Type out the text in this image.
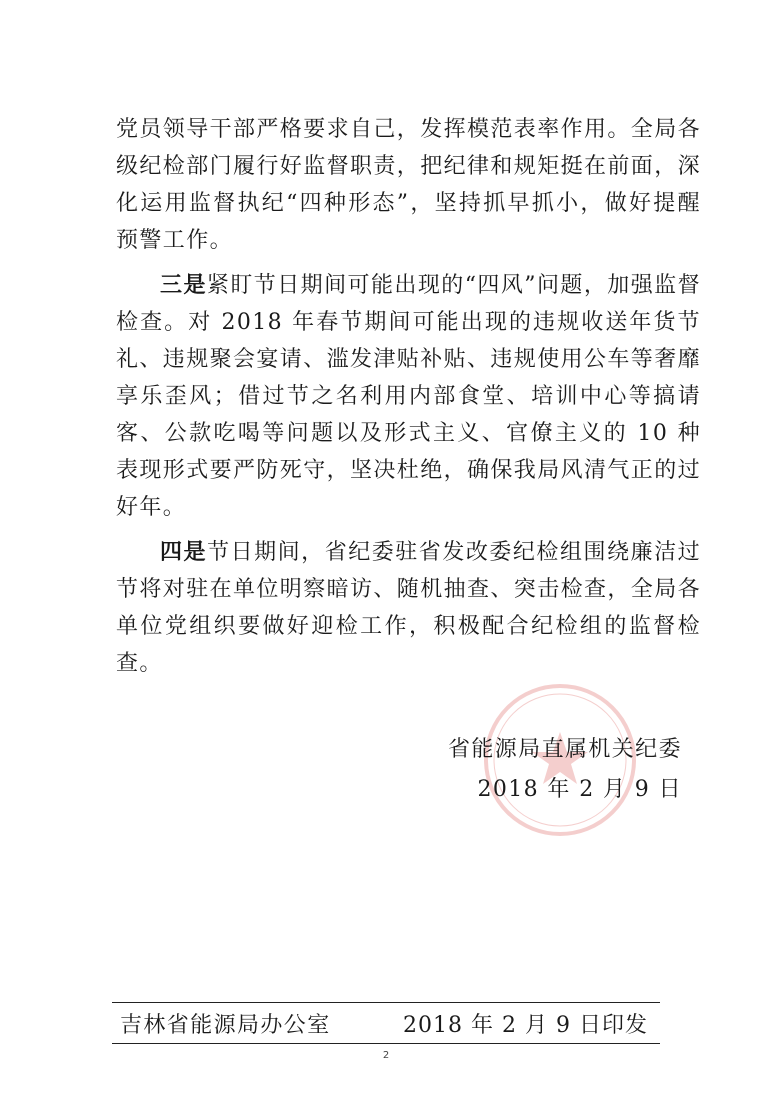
党员领导干部严格要求自己，发挥模范表率作用。全局各级纪检部门履行好监督职责，把纪律和规矩挺在前面，深化运用监督执纪“四种形态”，坚持抓早抓小，做好提醒预警工作。

三是紧盯节日期间可能出现的“四风”问题，加强监督检查。对 2018 年春节期间可能出现的违规收送年货节礼、违规聚会宴请、滥发津贴补贴、违规使用公车等奢靡享乐歪风；借过节之名利用内部食堂、培训中心等搞请客、公款吃喝等问题以及形式主义、官僚主义的 10 种表现形式要严防死守，坚决杜绝，确保我局风清气正的过好年。

四是节日期间，省纪委驻省发改委纪检组围绕廉洁过节将对驻在单位明察暗访、随机抽查、突击检查，全局各单位党组织要做好迎检工作，积极配合纪检组的监督检查。

省能源局直属机关纪委
2018 年 2 月 9 日
吉林省能源局办公室	2018 年 2 月 9 日印发
2
